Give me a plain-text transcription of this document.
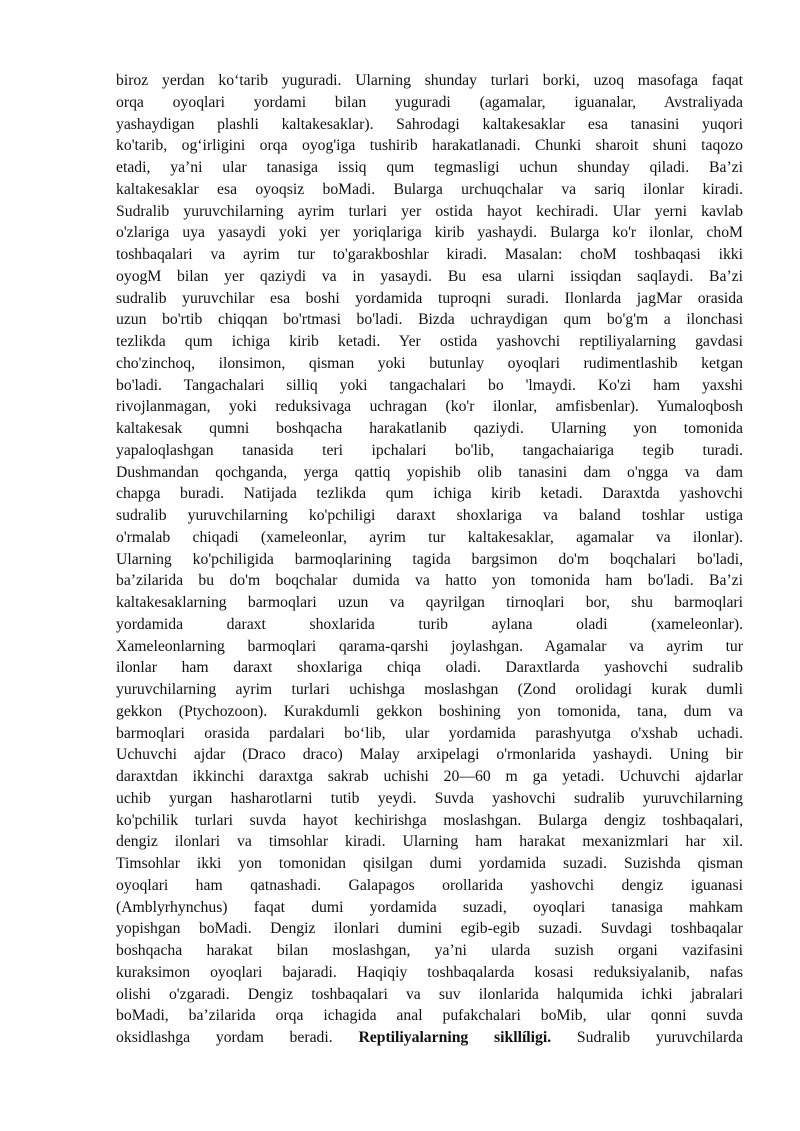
biroz yerdan ko‘tarib yuguradi. Ularning shunday turlari borki, uzoq masofaga faqat
orqa oyoqlari yordami bilan yuguradi (agamalar, iguanalar, Avstraliyada
yashaydigan plashli kaltakesaklar). Sahrodagi kaltakesaklar esa tanasini yuqori
ko'tarib, og‘irligini orqa oyog'iga tushirib harakatlanadi. Chunki sharoit shuni taqozo
etadi, ya’ni ular tanasiga issiq qum tegmasligi uchun shunday qiladi. Ba’zi
kaltakesaklar esa oyoqsiz boMadi. Bularga urchuqchalar va sariq ilonlar kiradi.
Sudralib yuruvchilarning ayrim turlari yer ostida hayot kechiradi. Ular yerni kavlab
o'zlariga uya yasaydi yoki yer yoriqlariga kirib yashaydi. Bularga ko'r ilonlar, choM
toshbaqalari va ayrim tur to'garakboshlar kiradi. Masalan: choM toshbaqasi ikki
oyogM bilan yer qaziydi va in yasaydi. Bu esa ularni issiqdan saqlaydi. Ba’zi
sudralib yuruvchilar esa boshi yordamida tuproqni suradi. Ilonlarda jagMar orasida
uzun bo'rtib chiqqan bo'rtmasi bo'ladi. Bizda uchraydigan qum bo'g'm a ilonchasi
tezlikda qum ichiga kirib ketadi. Yer ostida yashovchi reptiliyalarning gavdasi
cho'zinchoq, ilonsimon, qisman yoki butunlay oyoqlari rudimentlashib ketgan
bo'ladi. Tangachalari silliq yoki tangachalari bo 'lmaydi. Ko'zi ham yaxshi
rivojlanmagan, yoki reduksivaga uchragan (ko'r ilonlar, amfisbenlar). Yumaloqbosh
kaltakesak qumni boshqacha harakatlanib qaziydi. Ularning yon tomonida
yapaloqlashgan tanasida teri ipchalari bo'lib, tangachaiariga tegib turadi.
Dushmandan qochganda, yerga qattiq yopishib olib tanasini dam o'ngga va dam
chapga buradi. Natijada tezlikda qum ichiga kirib ketadi. Daraxtda yashovchi
sudralib yuruvchilarning ko'pchiligi daraxt shoxlariga va baland toshlar ustiga
o'rmalab chiqadi (xameleonlar, ayrim tur kaltakesaklar, agamalar va ilonlar).
Ularning ko'pchiligida barmoqlarining tagida bargsimon do'm boqchalari bo'ladi,
ba’zilarida bu do'm boqchalar dumida va hatto yon tomonida ham bo'ladi. Ba’zi
kaltakesaklarning barmoqlari uzun va qayrilgan tirnoqlari bor, shu barmoqlari
yordamida daraxt shoxlarida turib aylana oladi (xameleonlar).
Xameleonlarning barmoqlari qarama-qarshi joylashgan. Agamalar va ayrim tur
ilonlar ham daraxt shoxlariga chiqa oladi. Daraxtlarda yashovchi sudralib
yuruvchilarning ayrim turlari uchishga moslashgan (Zond orolidagi kurak dumli
gekkon (Ptychozoon). Kurakdumli gekkon boshining yon tomonida, tana, dum va
barmoqlari orasida pardalari bo‘lib, ular yordamida parashyutga o'xshab uchadi.
Uchuvchi ajdar (Draco draco) Malay arxipelagi o'rmonlarida yashaydi. Uning bir
daraxtdan ikkinchi daraxtga sakrab uchishi 20—60 m ga yetadi. Uchuvchi ajdarlar
uchib yurgan hasharotlarni tutib yeydi. Suvda yashovchi sudralib yuruvchilarning
ko'pchilik turlari suvda hayot kechirishga moslashgan. Bularga dengiz toshbaqalari,
dengiz ilonlari va timsohlar kiradi. Ularning ham harakat mexanizmlari har xil.
Timsohlar ikki yon tomonidan qisilgan dumi yordamida suzadi. Suzishda qisman
oyoqlari ham qatnashadi. Galapagos orollarida yashovchi dengiz iguanasi
(Amblyrhynchus) faqat dumi yordamida suzadi, oyoqlari tanasiga mahkam
yopishgan boMadi. Dengiz ilonlari dumini egib-egib suzadi. Suvdagi toshbaqalar
boshqacha harakat bilan moslashgan, ya’ni ularda suzish organi vazifasini
kuraksimon oyoqlari bajaradi. Haqiqiy toshbaqalarda kosasi reduksiyalanib, nafas
olishi o'zgaradi. Dengiz toshbaqalari va suv ilonlarida halqumida ichki jabralari
boMadi, ba’zilarida orqa ichagida anal pufakchalari boMib, ular qonni suvda
oksidlashga yordam beradi. Reptiliyalarning sikllíligi. Sudralib yuruvchilarda
